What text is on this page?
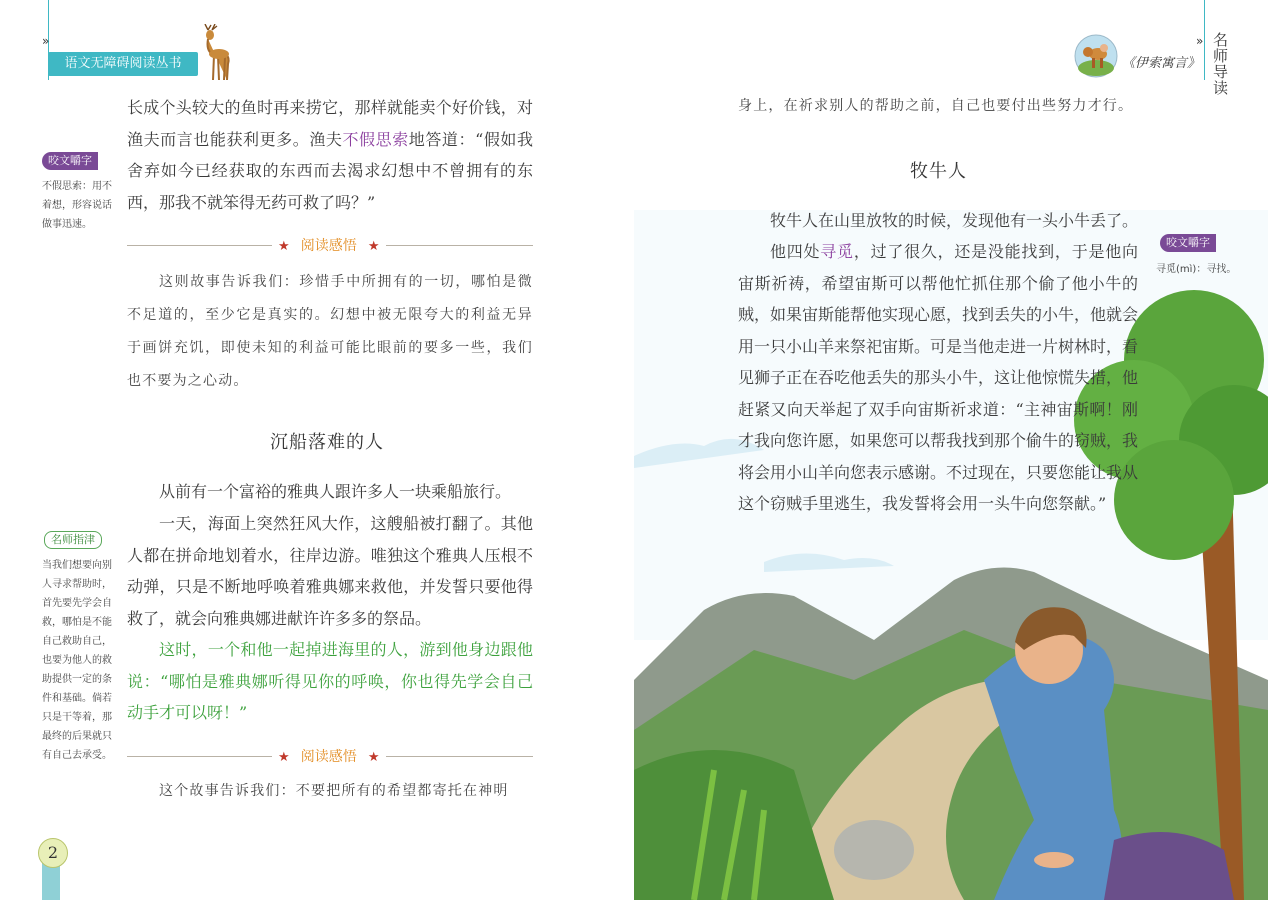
»
语文无障碍阅读丛书
长成个头较大的鱼时再来捞它，那样就能卖个好价钱，对渔夫而言也能获利更多。渔夫不假思索地答道：“假如我舍弃如今已经获取的东西而去渴求幻想中不曾拥有的东西，那我不就笨得无药可救了吗？”
咬文嚼字
不假思索：用不着想，形容说话做事迅速。
★ 阅读感悟 ★
这则故事告诉我们：珍惜手中所拥有的一切，哪怕是微不足道的，至少它是真实的。幻想中被无限夸大的利益无异于画饼充饥，即使未知的利益可能比眼前的要多一些，我们也不要为之心动。
沉船落难的人
从前有一个富裕的雅典人跟许多人一块乘船旅行。
一天，海面上突然狂风大作，这艘船被打翻了。其他人都在拼命地划着水，往岸边游。唯独这个雅典人压根不动弹，只是不断地呼唤着雅典娜来救他，并发誓只要他得救了，就会向雅典娜进献许许多多的祭品。
这时，一个和他一起掉进海里的人，游到他身边跟他说：“哪怕是雅典娜听得见你的呼唤，你也得先学会自己动手才可以呀！”
名师指津
当我们想要向别人寻求帮助时，首先要先学会自救，哪怕是不能自己救助自己，也要为他人的救助提供一定的条件和基础。倘若只是干等着，那最终的后果就只有自己去承受。	★ 阅读感悟 ★
这个故事告诉我们：不要把所有的希望都寄托在神明
2
《伊索寓言》
» 名师导读
身上，在祈求别人的帮助之前，自己也要付出些努力才行。
牧牛人
牧牛人在山里放牧的时候，发现他有一头小牛丢了。
他四处寻觅，过了很久，还是没能找到，于是他向宙斯祈祷，希望宙斯可以帮他忙抓住那个偷了他小牛的贼，如果宙斯能帮他实现心愿，找到丢失的小牛，他就会用一只小山羊来祭祀宙斯。可是当他走进一片树林时，看见狮子正在吞吃他丢失的那头小牛，这让他惊慌失措，他赶紧又向天举起了双手向宙斯祈求道：“主神宙斯啊！刚才我向您许愿，如果您可以帮我找到那个偷牛的窃贼，我将会用小山羊向您表示感谢。不过现在，只要您能让我从这个窃贼手里逃生，我发誓将会用一头牛向您祭献。”
咬文嚼字
寻觅(mì)：寻找。
